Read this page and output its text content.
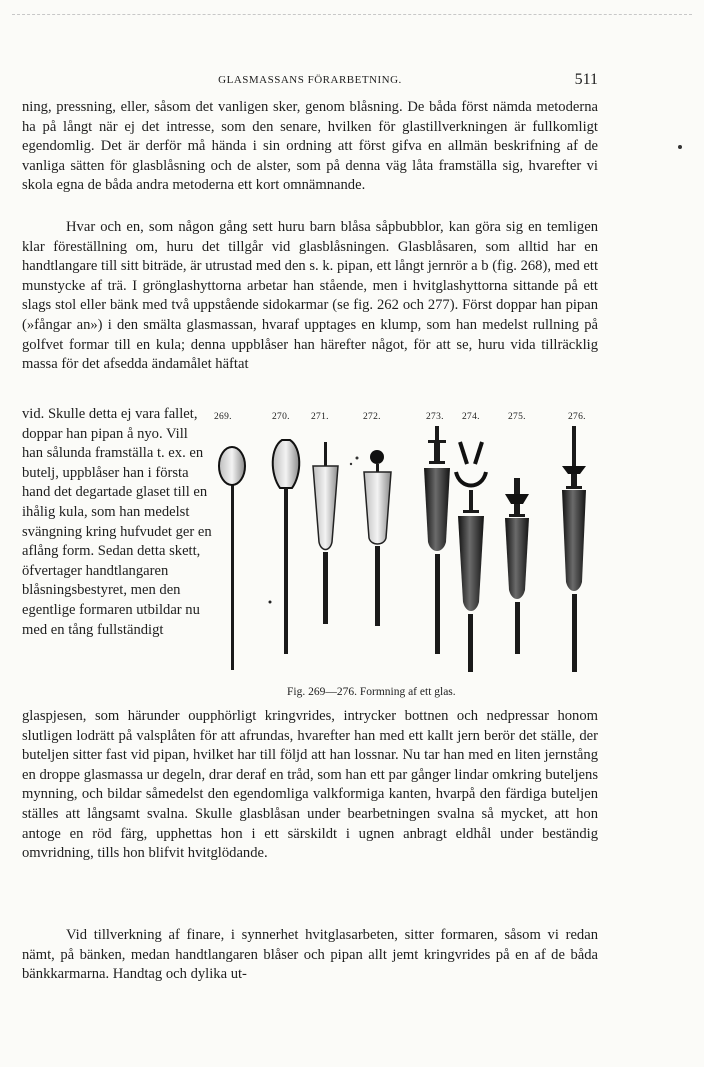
GLASMASSANS FÖRARBETNING.	511

ning, pressning, eller, såsom det vanligen sker, genom blåsning. De båda först nämda metoderna ha på långt när ej det intresse, som den senare, hvilken för glastillverkningen är fullkomligt egendomlig. Det är derför må hända i sin ordning att först gifva en allmän beskrifning af de vanliga sätten för glasblåsning och de alster, som på denna väg låta framställa sig, hvarefter vi skola egna de båda andra metoderna ett kort omnämnande.

Hvar och en, som någon gång sett huru barn blåsa såpbubblor, kan göra sig en temligen klar föreställning om, huru det tillgår vid glasblåsningen. Glasblåsaren, som alltid har en handtlangare till sitt biträde, är utrustad med den s. k. pipan, ett långt jernrör a b (fig. 268), med ett munstycke af trä. I grönglashyttorna arbetar han stående, men i hvitglashyttorna sittande på ett slags stol eller bänk med två uppstående sidokarmar (se fig. 262 och 277). Först doppar han pipan (»fångar an») i den smälta glasmassan, hvaraf upptages en klump, som han medelst rullning på golfvet formar till en kula; denna uppblåser han härefter något, för att se, huru vida tillräcklig massa för det afsedda ändamålet häftat

vid. Skulle detta ej vara fallet, doppar han pipan å nyo. Vill han sålunda framställa t. ex. en butelj, uppblåser han i första hand det degartade glaset till en ihålig kula, som han medelst svängning kring hufvudet ger en aflång form. Sedan detta skett, öfvertager handtlangaren blåsningsbestyret, men den egentlige formaren utbildar nu med en tång fullständigt

glaspjesen, som härunder oupphörligt kringvrides, intrycker bottnen och nedpressar honom slutligen lodrätt på valsplåten för att afrundas, hvarefter han med ett kallt jern berör det ställe, der buteljen sitter fast vid pipan, hvilket har till följd att han lossnar. Nu tar han med en liten jernstång en droppe glasmassa ur degeln, drar deraf en tråd, som han ett par gånger lindar omkring buteljens mynning, och bildar såmedelst den egendomliga valkformiga kanten, hvarpå den färdiga buteljen ställes att långsamt svalna. Skulle glasblåsan under bearbetningen svalna så mycket, att hon antoge en röd färg, upphettas hon i ett särskildt i ugnen anbragt eldhål under beständig omvridning, tills hon blifvit hvitglödande.

Vid tillverkning af finare, i synnerhet hvitglasarbeten, sitter formaren, såsom vi redan nämt, på bänken, medan handtlangaren blåser och pipan allt jemt kringvrides på en af de båda bänkkarmarna. Handtag och dylika ut-

269.	270. 271.	272.	273. 274.	275.	276.
Fig. 269—276. Formning af ett glas.
